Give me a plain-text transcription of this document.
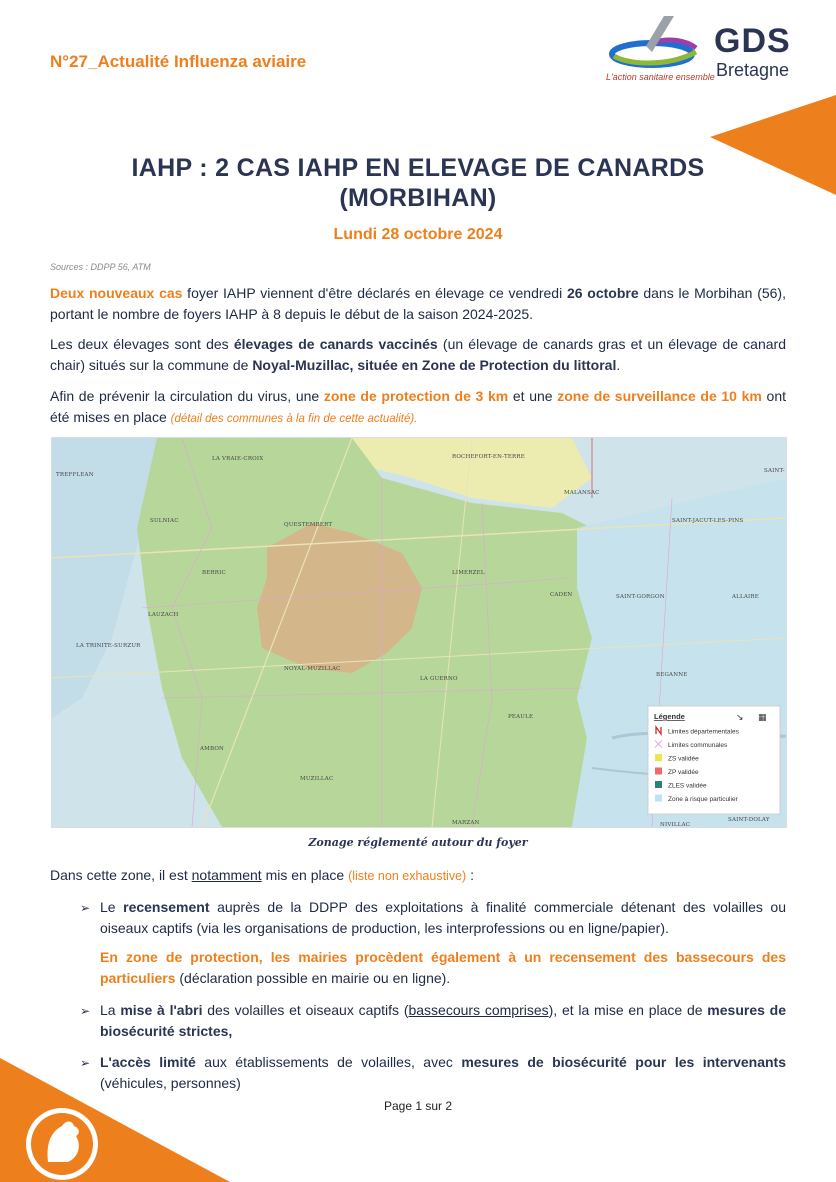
N°27_Actualité Influenza aviaire
GDS
Bretagne
L'action sanitaire ensemble
IAHP : 2 CAS IAHP EN ELEVAGE DE CANARDS
(MORBIHAN)
Lundi 28 octobre 2024
Sources : DDPP 56, ATM
Deux nouveaux cas foyer IAHP viennent d'être déclarés en élevage ce vendredi 26 octobre dans le Morbihan (56), portant le nombre de foyers IAHP à 8 depuis le début de la saison 2024-2025.
Les deux élevages sont des élevages de canards vaccinés (un élevage de canards gras et un élevage de canard chair) situés sur la commune de Noyal-Muzillac, située en Zone de Protection du littoral.
Afin de prévenir la circulation du virus, une zone de protection de 3 km et une zone de surveillance de 10 km ont été mises en place (détail des communes à la fin de cette actualité).
LA VRAIE-CROIX	ROCHEFORT-EN-TERRE
TREFFLEAN
MALANSAC
SAINT-
SULNIAC
QUESTEMBERT
SAINT-JACUT-LES-PINS
BERRIC	LIMERZEL
CADEN	SAINT-GORGON	ALLAIRE
LAUZACH
LA TRINITE-SURZUR
NOYAL-MUZILLAC
LA GUERNO
PEAULE
BEGANNE
AMBON
MUZILLAC
MARZAN	NIVILLAC
SAINT-DOLAY
Légende	↘ ▦
Limites départementales
Limites communales
ZS validée
ZP validée
ZLES validée
Zone à risque particulier
Zonage réglementé autour du foyer
Dans cette zone, il est notamment mis en place (liste non exhaustive) :
➢ Le recensement auprès de la DDPP des exploitations à finalité commerciale détenant des volailles ou oiseaux captifs (via les organisations de production, les interprofessions ou en ligne/papier).
En zone de protection, les mairies procèdent également à un recensement des bassecours des particuliers (déclaration possible en mairie ou en ligne).
➢ La mise à l'abri des volailles et oiseaux captifs (bassecours comprises), et la mise en place de mesures de biosécurité strictes,
➢ L'accès limité aux établissements de volailles, avec mesures de biosécurité pour les intervenants (véhicules, personnes)
Page 1 sur 2
